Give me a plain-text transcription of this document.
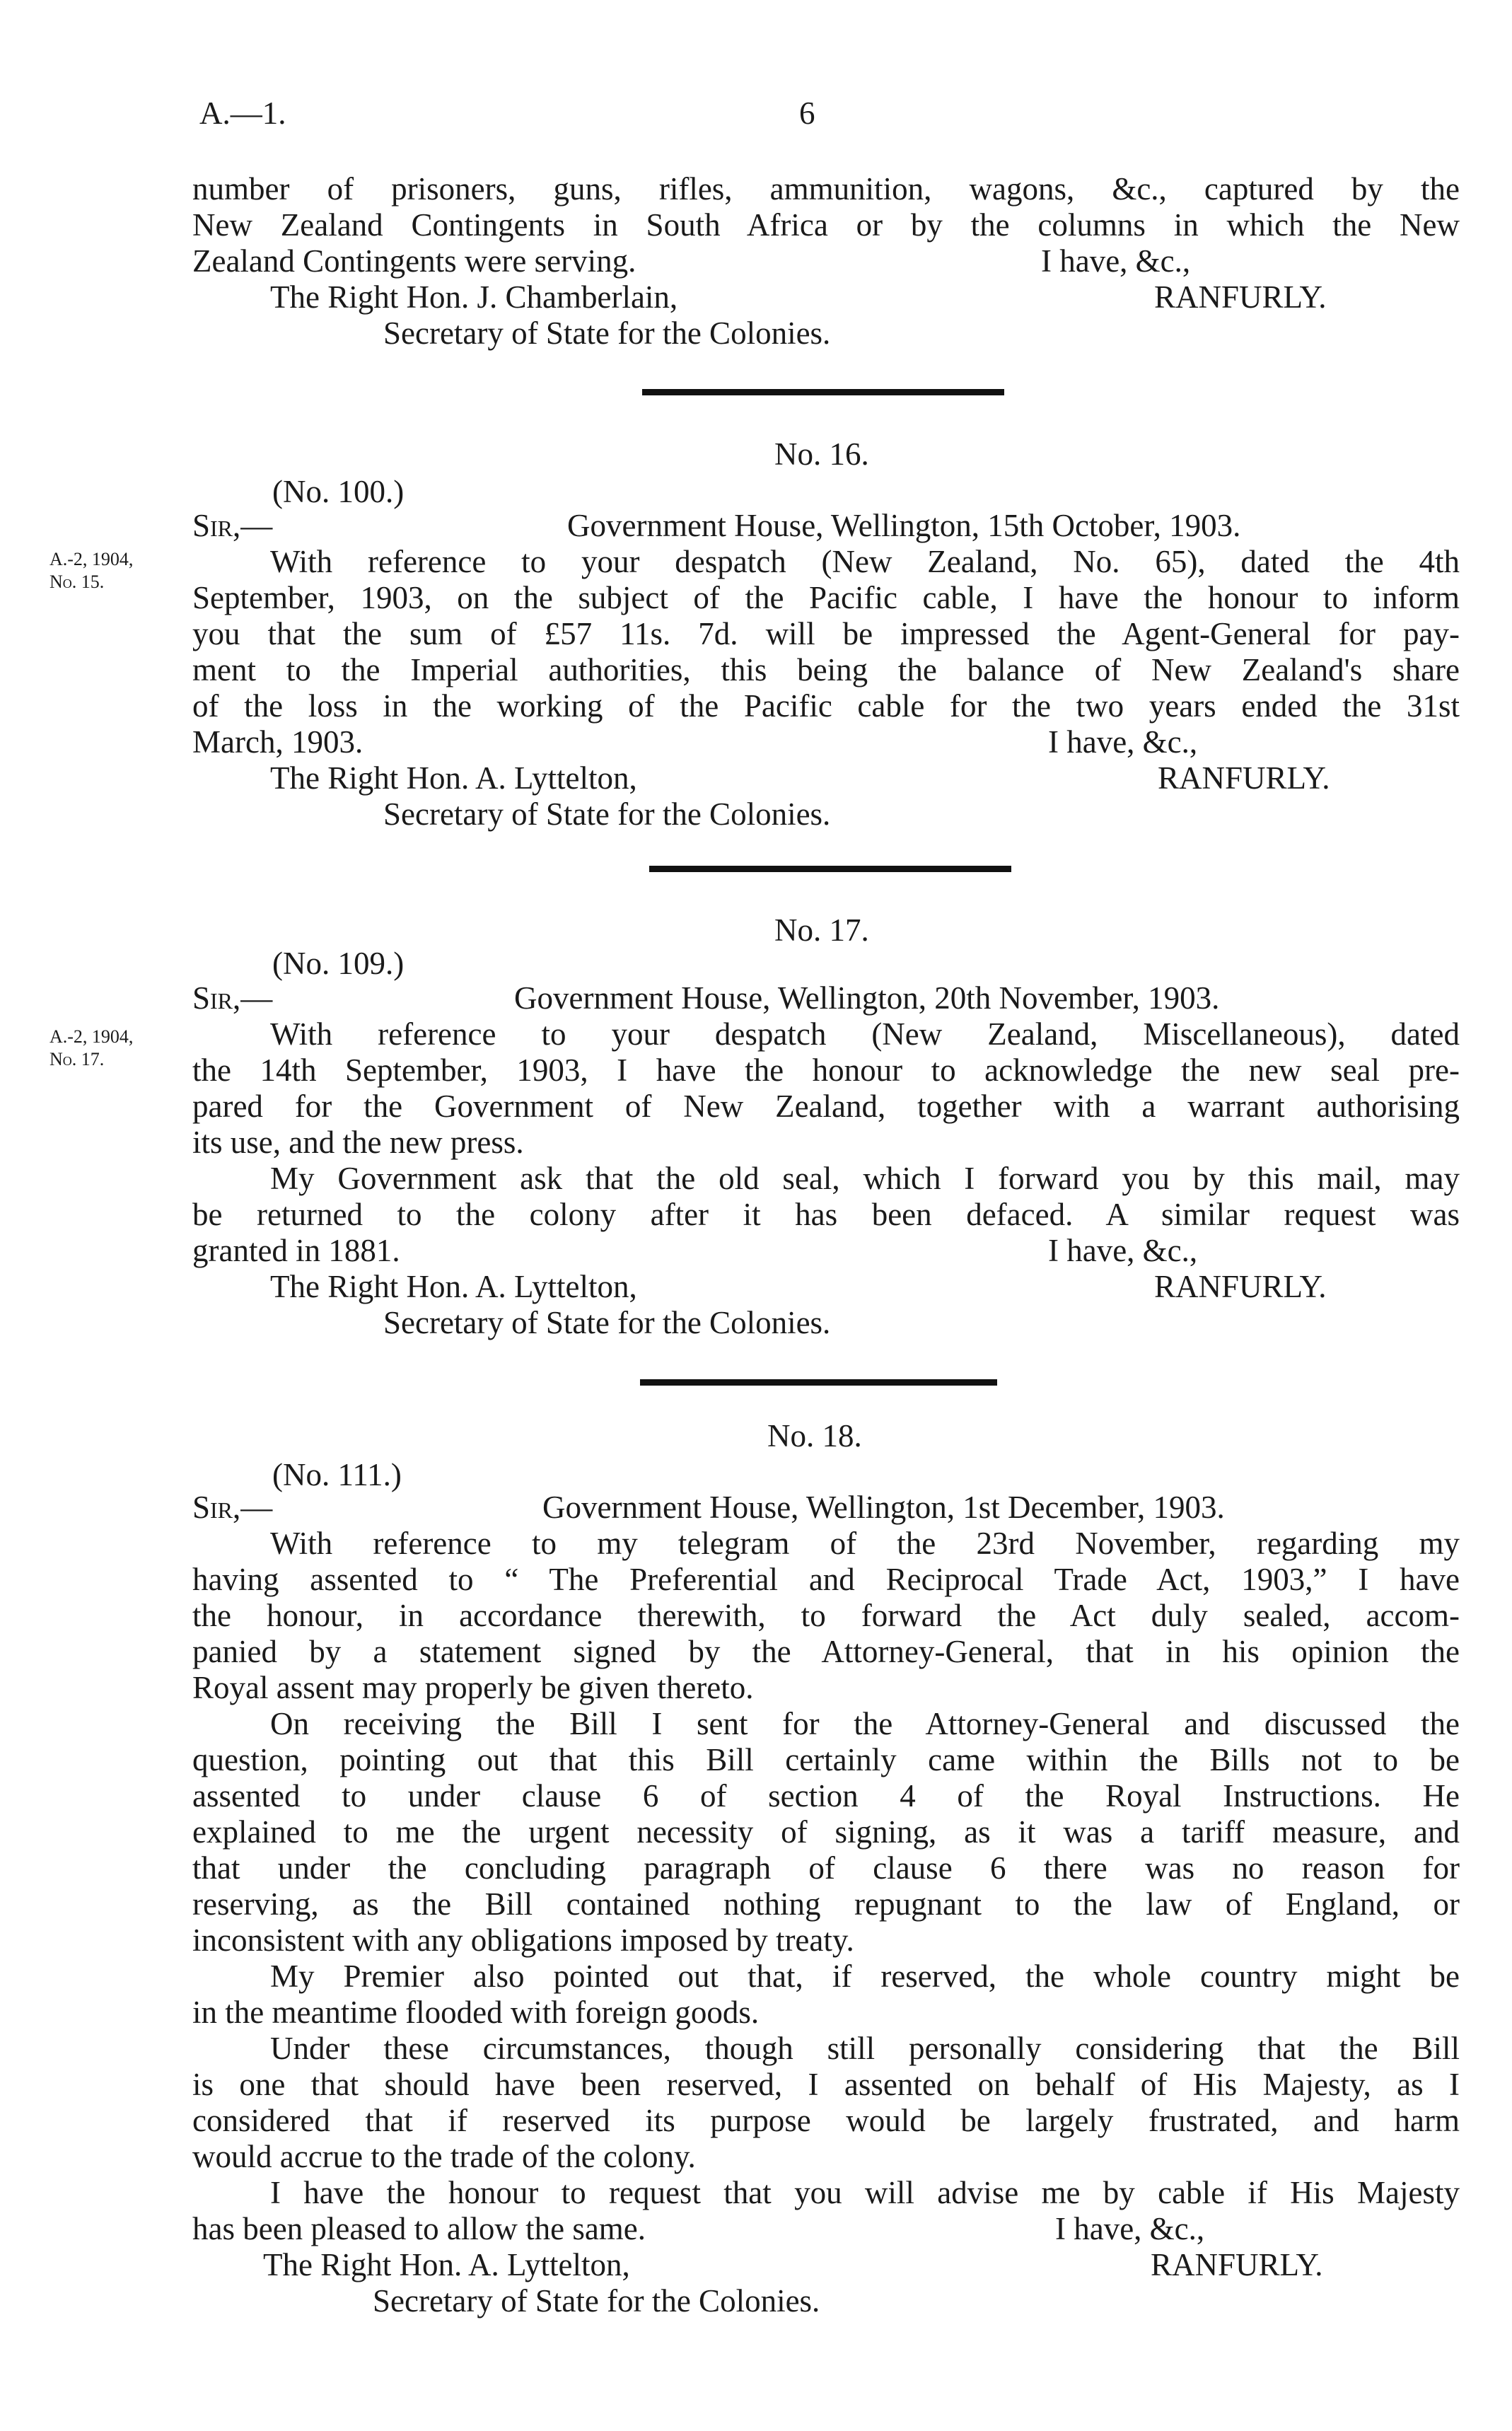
A.—1.	6
number of prisoners, guns, rifles, ammunition, wagons, &c., captured by the
New Zealand Contingents in South Africa or by the columns in which the New
Zealand Contingents were serving.	I have, &c.,
The Right Hon. J. Chamberlain,	RANFURLY.
Secretary of State for the Colonies.
No. 16.
(No. 100.)
A.-2, 1904,
No. 15.
Sir,—	Government House, Wellington, 15th October, 1903.
With reference to your despatch (New Zealand, No. 65), dated the 4th
September, 1903, on the subject of the Pacific cable, I have the honour to inform
you that the sum of £57 11s. 7d. will be impressed the Agent-General for pay-
ment to the Imperial authorities, this being the balance of New Zealand's share
of the loss in the working of the Pacific cable for the two years ended the 31st
March, 1903.	I have, &c.,
The Right Hon. A. Lyttelton,	RANFURLY.
Secretary of State for the Colonies.
No. 17.
(No. 109.)
A.-2, 1904,
No. 17.
Sir,—	Government House, Wellington, 20th November, 1903.
With reference to your despatch (New Zealand, Miscellaneous), dated
the 14th September, 1903, I have the honour to acknowledge the new seal pre-
pared for the Government of New Zealand, together with a warrant authorising
its use, and the new press.
My Government ask that the old seal, which I forward you by this mail, may
be returned to the colony after it has been defaced. A similar request was
granted in 1881.	I have, &c.,
The Right Hon. A. Lyttelton,	RANFURLY.
Secretary of State for the Colonies.
No. 18.
(No. 111.)
Sir,—	Government House, Wellington, 1st December, 1903.
With reference to my telegram of the 23rd November, regarding my
having assented to “ The Preferential and Reciprocal Trade Act, 1903,” I have
the honour, in accordance therewith, to forward the Act duly sealed, accom-
panied by a statement signed by the Attorney-General, that in his opinion the
Royal assent may properly be given thereto.
On receiving the Bill I sent for the Attorney-General and discussed the
question, pointing out that this Bill certainly came within the Bills not to be
assented to under clause 6 of section 4 of the Royal Instructions. He
explained to me the urgent necessity of signing, as it was a tariff measure, and
that under the concluding paragraph of clause 6 there was no reason for
reserving, as the Bill contained nothing repugnant to the law of England, or
inconsistent with any obligations imposed by treaty.
My Premier also pointed out that, if reserved, the whole country might be
in the meantime flooded with foreign goods.
Under these circumstances, though still personally considering that the Bill
is one that should have been reserved, I assented on behalf of His Majesty, as I
considered that if reserved its purpose would be largely frustrated, and harm
would accrue to the trade of the colony.
I have the honour to request that you will advise me by cable if His Majesty
has been pleased to allow the same.	I have, &c.,
The Right Hon. A. Lyttelton,	RANFURLY.
Secretary of State for the Colonies.
